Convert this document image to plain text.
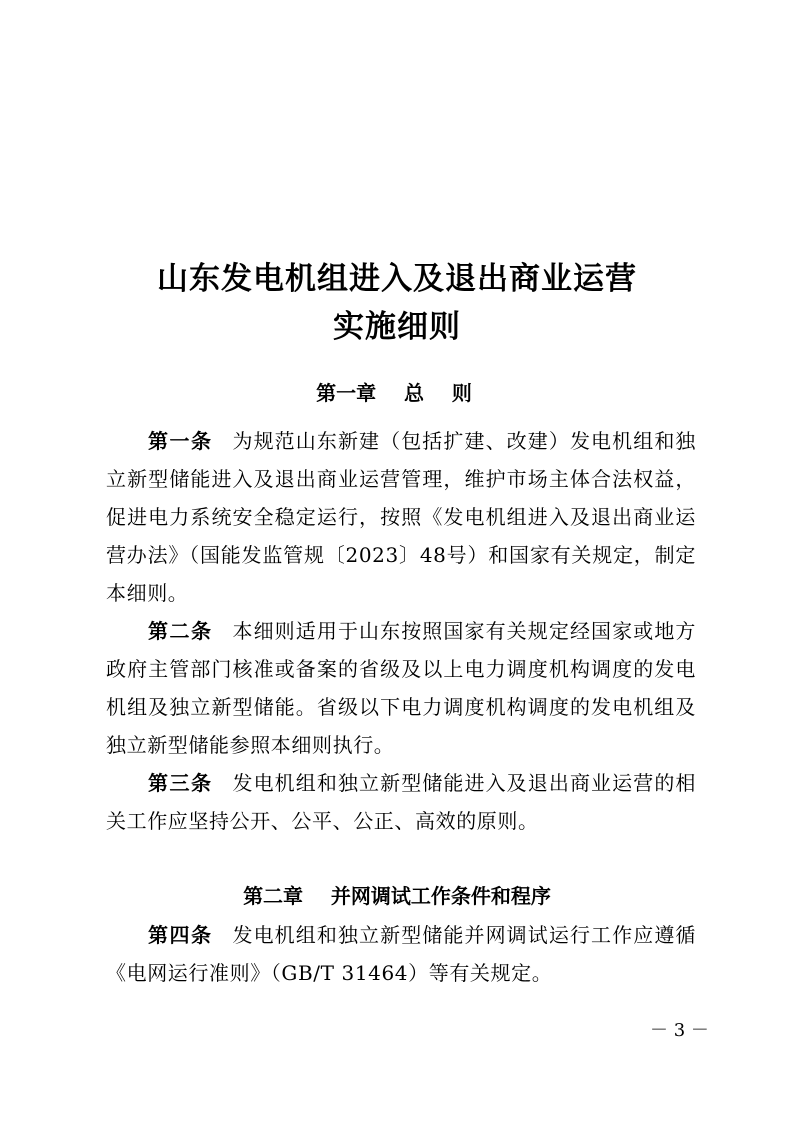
山东发电机组进入及退出商业运营
实施细则
第一章    总    则

第一条 为规范山东新建（包括扩建、改建）发电机组和独立新型储能进入及退出商业运营管理，维护市场主体合法权益，促进电力系统安全稳定运行，按照《发电机组进入及退出商业运营办法》（国能发监管规〔2023〕48号）和国家有关规定，制定本细则。

第二条 本细则适用于山东按照国家有关规定经国家或地方政府主管部门核准或备案的省级及以上电力调度机构调度的发电机组及独立新型储能。省级以下电力调度机构调度的发电机组及独立新型储能参照本细则执行。

第三条 发电机组和独立新型储能进入及退出商业运营的相关工作应坚持公开、公平、公正、高效的原则。

第二章    并网调试工作条件和程序

第四条 发电机组和独立新型储能并网调试运行工作应遵循《电网运行准则》（GB/T 31464）等有关规定。

－ 3 －
